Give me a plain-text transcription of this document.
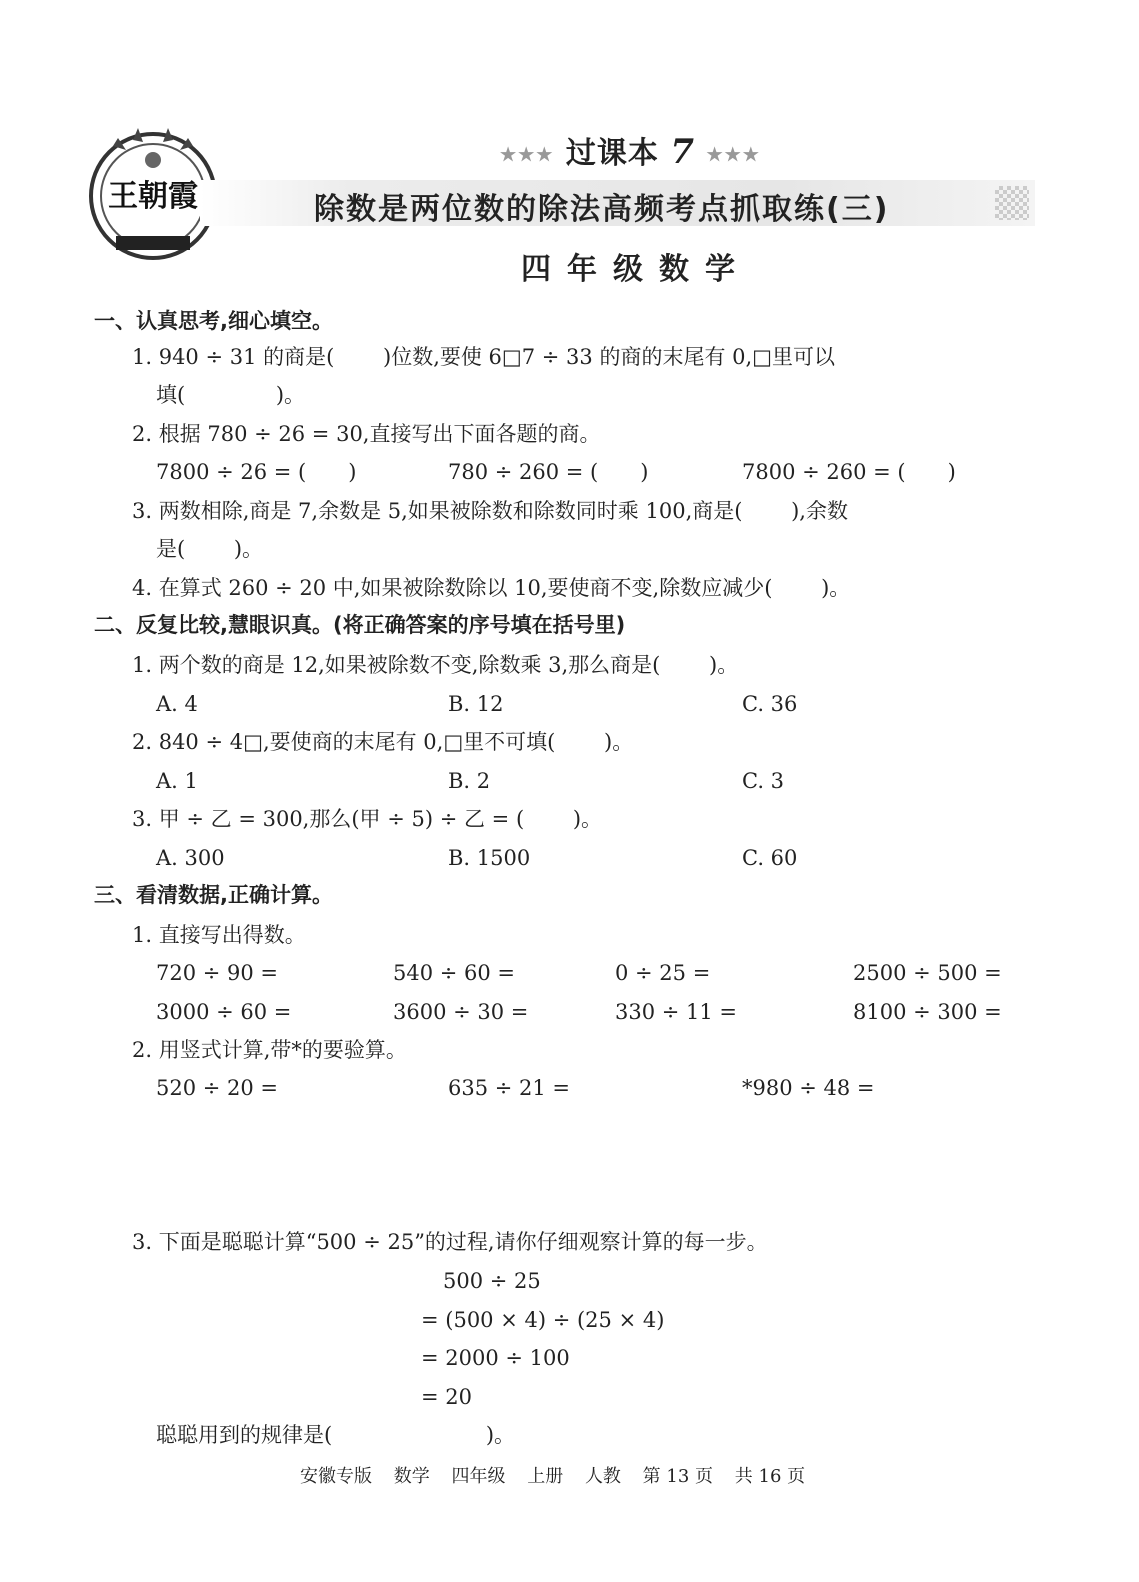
王朝霞
★★★ 过课本 7 ★★★
除数是两位数的除法高频考点抓取练(三)
四年级数学
一、认真思考,细心填空。
1. 940 ÷ 31 的商是(　　 )位数,要使 6□7 ÷ 33 的商的末尾有 0,□里可以
填(　　　　 )。
2. 根据 780 ÷ 26 = 30,直接写出下面各题的商。
7800 ÷ 26 = (　　)	780 ÷ 260 = (　　)	7800 ÷ 260 = (　　)
3. 两数相除,商是 7,余数是 5,如果被除数和除数同时乘 100,商是(　　 ),余数
是(　　 )。
4. 在算式 260 ÷ 20 中,如果被除数除以 10,要使商不变,除数应减少(　　 )。
二、反复比较,慧眼识真。(将正确答案的序号填在括号里)
1. 两个数的商是 12,如果被除数不变,除数乘 3,那么商是(　　 )。
A. 4	B. 12	C. 36
2. 840 ÷ 4□,要使商的末尾有 0,□里不可填(　　 )。
A. 1	B. 2	C. 3
3. 甲 ÷ 乙 = 300,那么(甲 ÷ 5) ÷ 乙 = (　　 )。
A. 300	B. 1500	C. 60
三、看清数据,正确计算。
1. 直接写出得数。
720 ÷ 90 =	540 ÷ 60 =	0 ÷ 25 =	2500 ÷ 500 =
3000 ÷ 60 =	3600 ÷ 30 =	330 ÷ 11 =	8100 ÷ 300 =
2. 用竖式计算,带*的要验算。
520 ÷ 20 =	635 ÷ 21 =	*980 ÷ 48 =
3. 下面是聪聪计算“500 ÷ 25”的过程,请你仔细观察计算的每一步。
500 ÷ 25
= (500 × 4) ÷ (25 × 4)
= 2000 ÷ 100
= 20
聪聪用到的规律是(　　　　　　　 )。
安徽专版 数学 四年级 上册 人教 第 13 页 共 16 页
